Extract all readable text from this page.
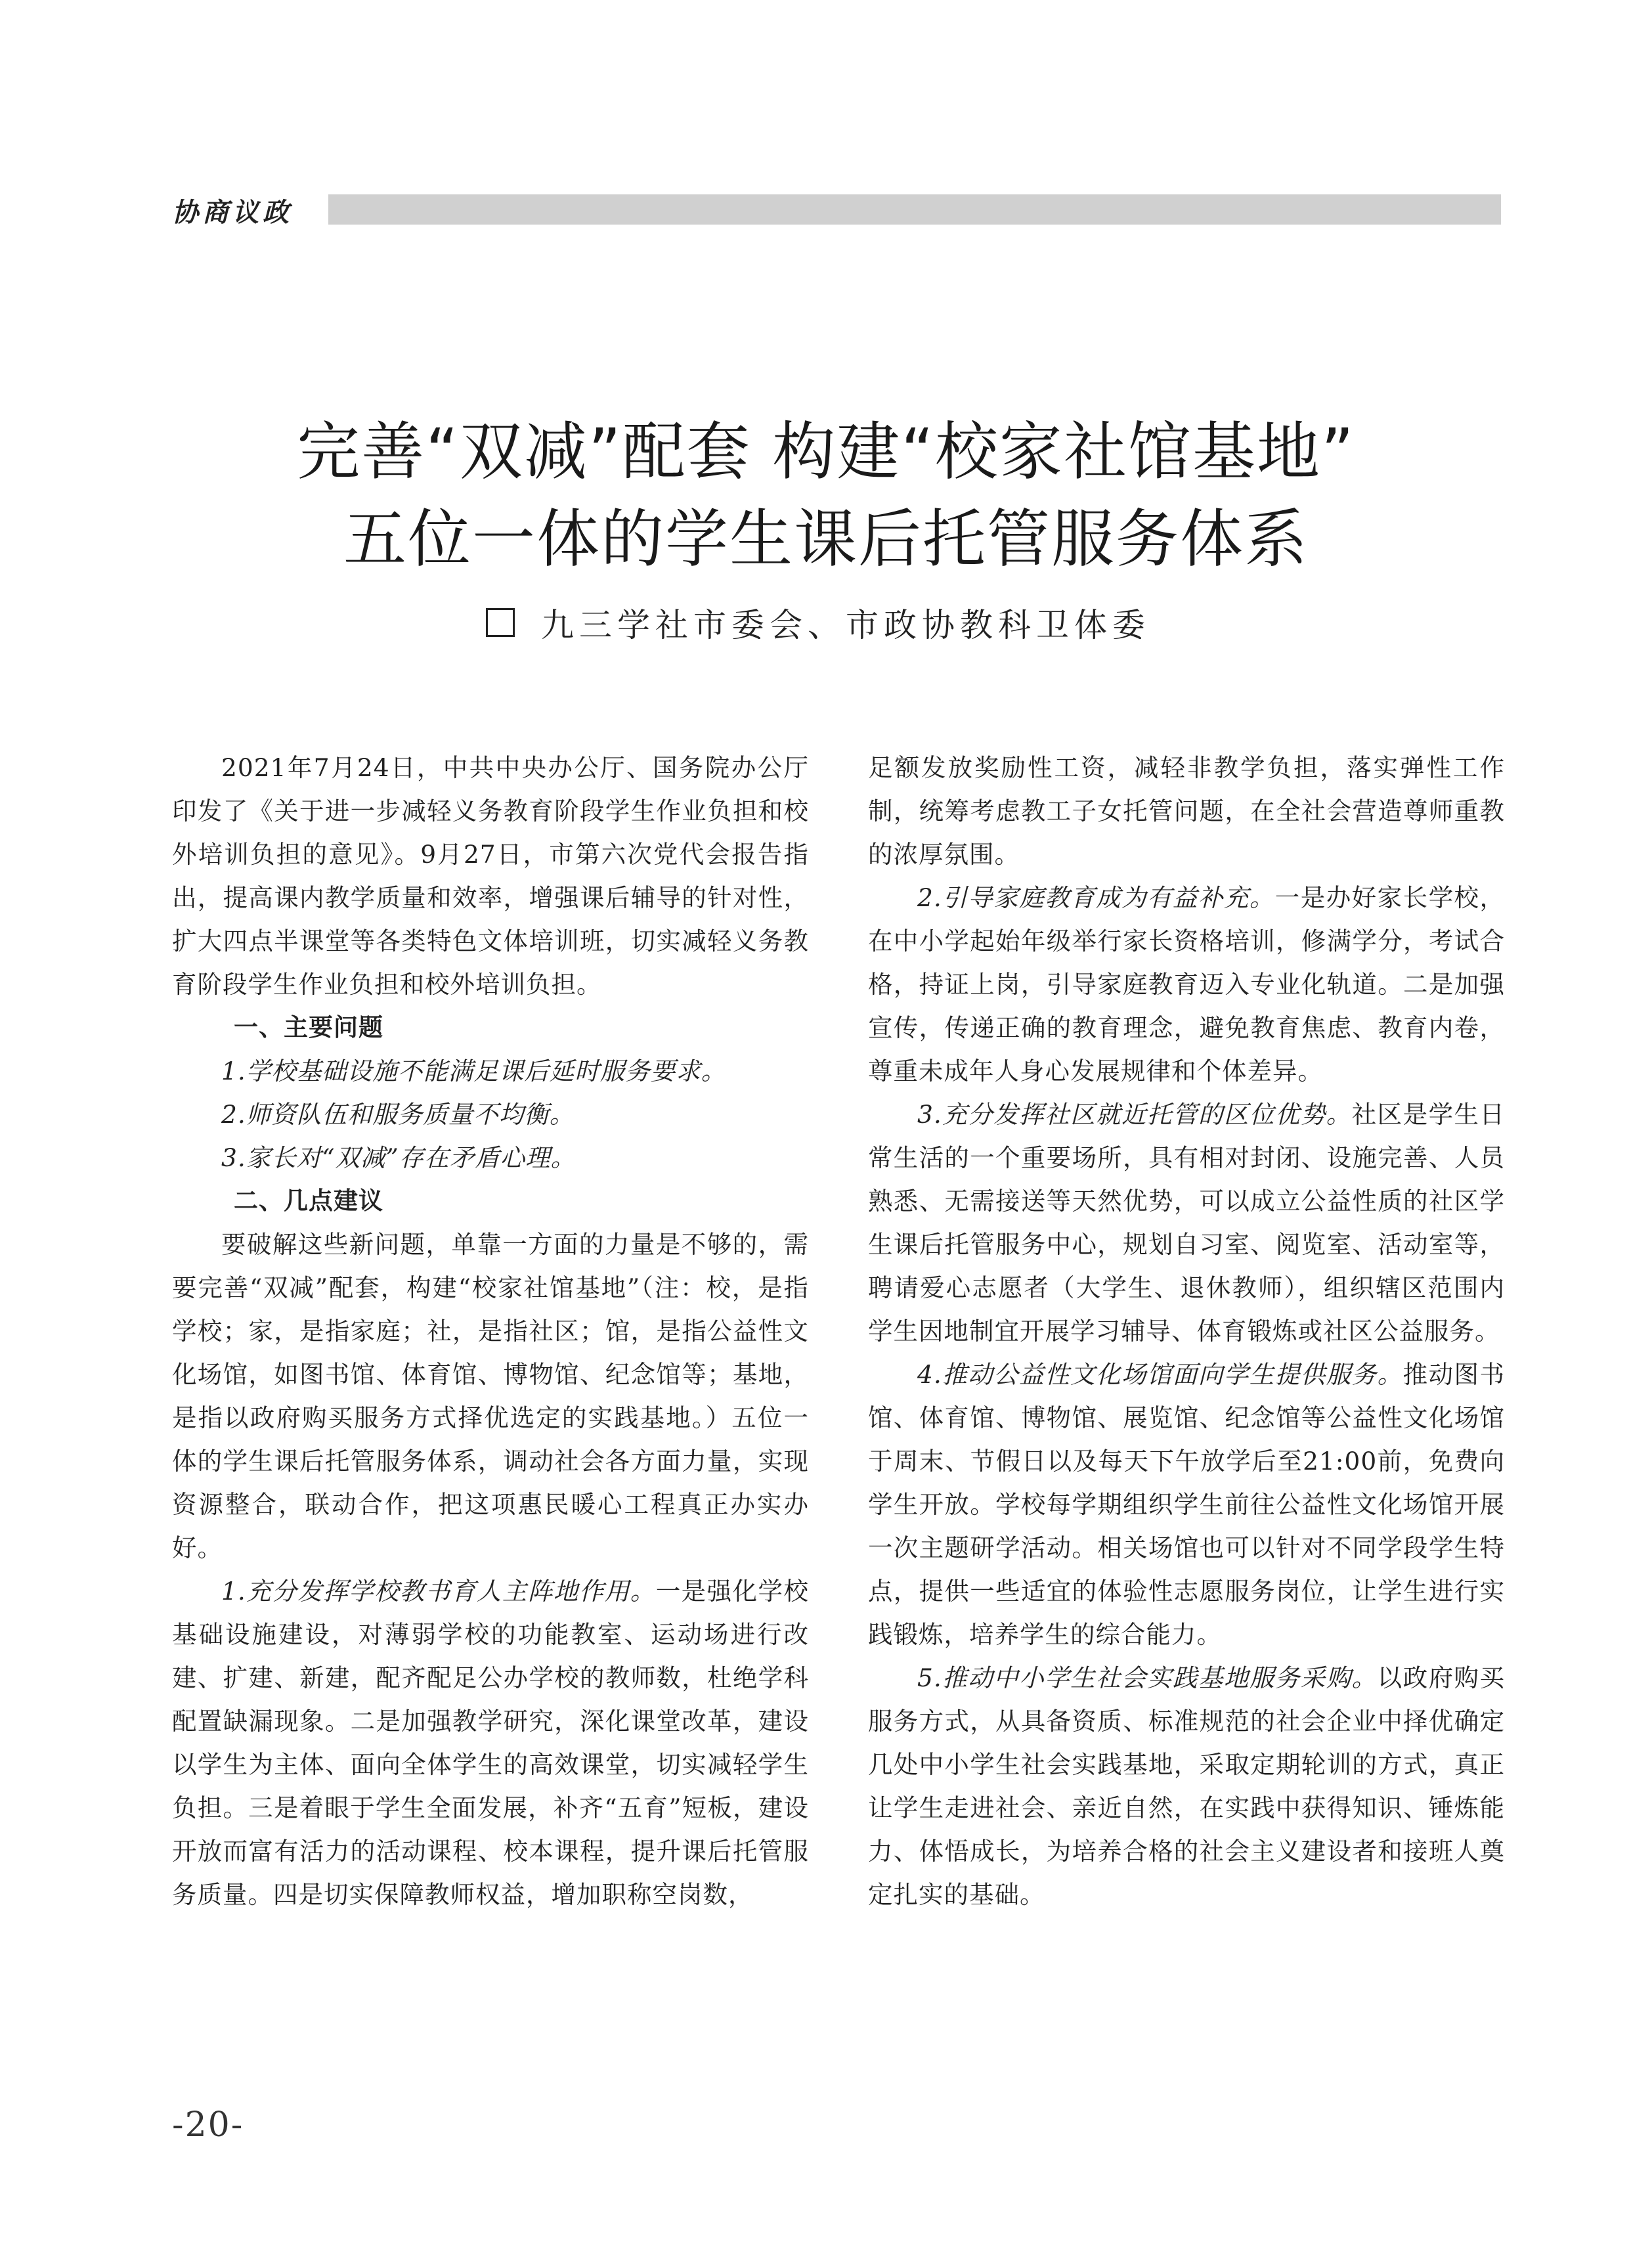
协商议政
完善“双减”配套 构建“校家社馆基地”
五位一体的学生课后托管服务体系
九三学社市委会、市政协教科卫体委

2021年7月24日，中共中央办公厅、国务院办公厅印发了《关于进一步减轻义务教育阶段学生作业负担和校外培训负担的意见》。9月27日，市第六次党代会报告指出，提高课内教学质量和效率，增强课后辅导的针对性，扩大四点半课堂等各类特色文体培训班，切实减轻义务教育阶段学生作业负担和校外培训负担。

一、主要问题

1.学校基础设施不能满足课后延时服务要求。

2.师资队伍和服务质量不均衡。

3.家长对“双减”存在矛盾心理。

二、几点建议

要破解这些新问题，单靠一方面的力量是不够的，需要完善“双减”配套，构建“校家社馆基地”（注：校，是指学校；家，是指家庭；社，是指社区；馆，是指公益性文化场馆，如图书馆、体育馆、博物馆、纪念馆等；基地，是指以政府购买服务方式择优选定的实践基地。）五位一体的学生课后托管服务体系，调动社会各方面力量，实现资源整合，联动合作，把这项惠民暖心工程真正办实办好。

1.充分发挥学校教书育人主阵地作用。一是强化学校基础设施建设，对薄弱学校的功能教室、运动场进行改建、扩建、新建，配齐配足公办学校的教师数，杜绝学科配置缺漏现象。二是加强教学研究，深化课堂改革，建设以学生为主体、面向全体学生的高效课堂，切实减轻学生负担。三是着眼于学生全面发展，补齐“五育”短板，建设开放而富有活力的活动课程、校本课程，提升课后托管服务质量。四是切实保障教师权益，增加职称空岗数，

足额发放奖励性工资，减轻非教学负担，落实弹性工作制，统筹考虑教工子女托管问题，在全社会营造尊师重教的浓厚氛围。

2.引导家庭教育成为有益补充。一是办好家长学校，在中小学起始年级举行家长资格培训，修满学分，考试合格，持证上岗，引导家庭教育迈入专业化轨道。二是加强宣传，传递正确的教育理念，避免教育焦虑、教育内卷，尊重未成年人身心发展规律和个体差异。

3.充分发挥社区就近托管的区位优势。社区是学生日常生活的一个重要场所，具有相对封闭、设施完善、人员熟悉、无需接送等天然优势，可以成立公益性质的社区学生课后托管服务中心，规划自习室、阅览室、活动室等，聘请爱心志愿者（大学生、退休教师），组织辖区范围内学生因地制宜开展学习辅导、体育锻炼或社区公益服务。

4.推动公益性文化场馆面向学生提供服务。推动图书馆、体育馆、博物馆、展览馆、纪念馆等公益性文化场馆于周末、节假日以及每天下午放学后至21:00前，免费向学生开放。学校每学期组织学生前往公益性文化场馆开展一次主题研学活动。相关场馆也可以针对不同学段学生特点，提供一些适宜的体验性志愿服务岗位，让学生进行实践锻炼，培养学生的综合能力。

5.推动中小学生社会实践基地服务采购。以政府购买服务方式，从具备资质、标准规范的社会企业中择优确定几处中小学生社会实践基地，采取定期轮训的方式，真正让学生走进社会、亲近自然，在实践中获得知识、锤炼能力、体悟成长，为培养合格的社会主义建设者和接班人奠定扎实的基础。

-20-
